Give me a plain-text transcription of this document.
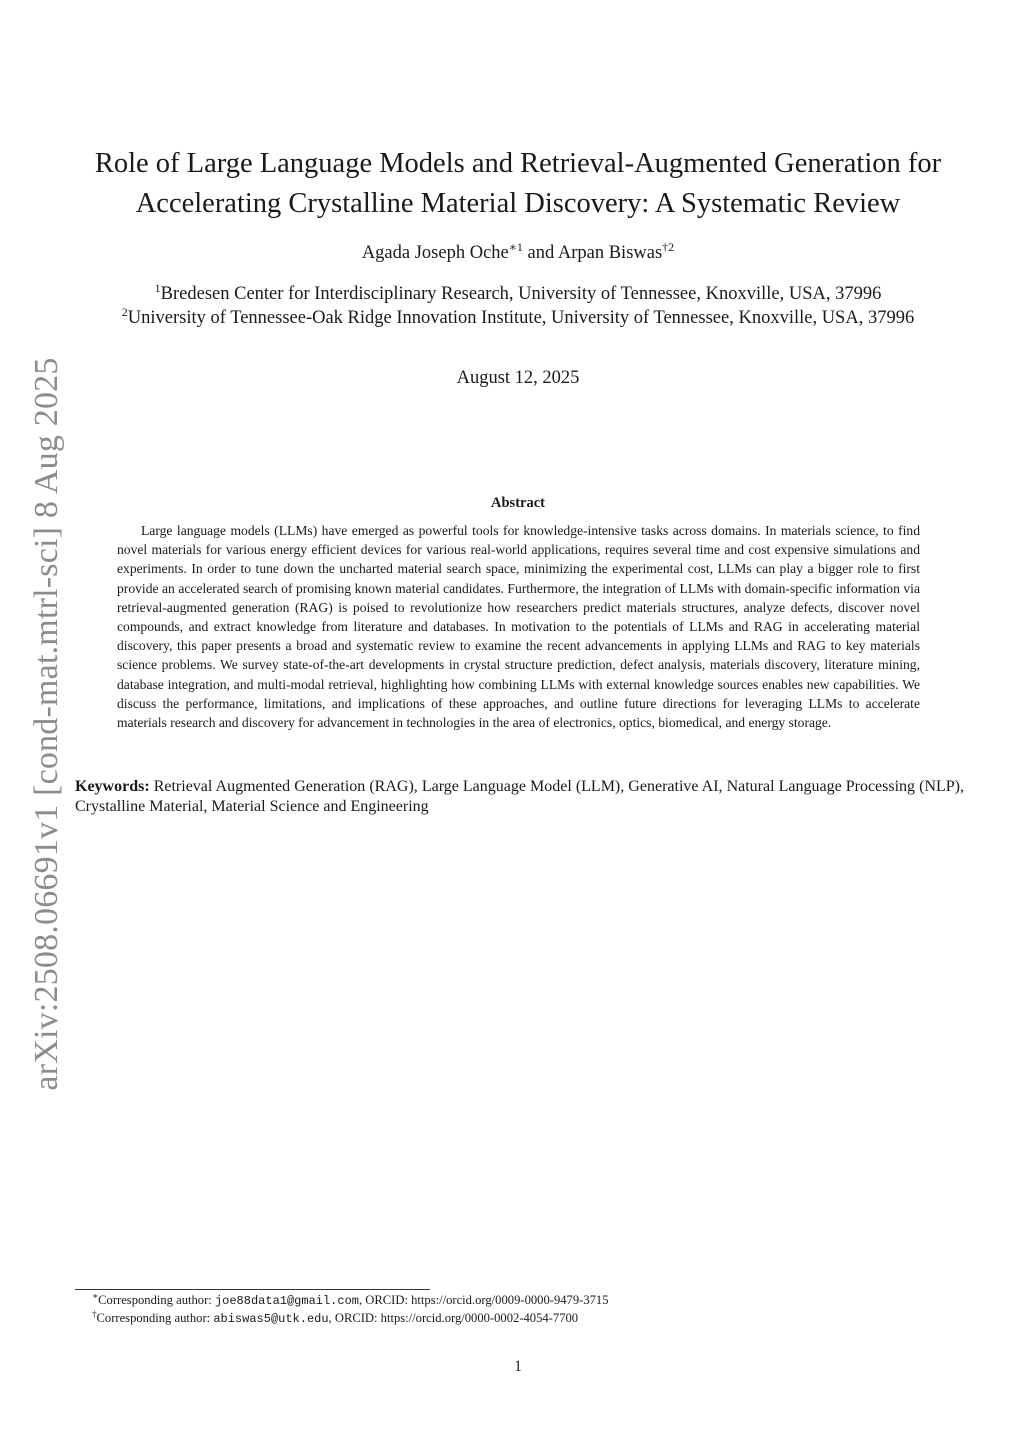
arXiv:2508.06691v1 [cond-mat.mtrl-sci] 8 Aug 2025
Role of Large Language Models and Retrieval-Augmented Generation for
Accelerating Crystalline Material Discovery: A Systematic Review
Agada Joseph Oche$^{∗1}$ and Arpan Biswas$^{\dagger 2}$
$^1$Bredesen Center for Interdisciplinary Research, University of Tennessee, Knoxville, USA, 37996
$^2$University of Tennessee-Oak Ridge Innovation Institute, University of Tennessee, Knoxville, USA, 37996
August 12, 2025
Abstract

Large language models (LLMs) have emerged as powerful tools for knowledge-intensive tasks across domains. In materials science, to find novel materials for various energy efficient devices for various real-world applications, requires several time and cost expensive simulations and experiments. In order to tune down the uncharted material search space, minimizing the experimental cost, LLMs can play a bigger role to first provide an accelerated search of promising known material candidates. Furthermore, the integration of LLMs with domain-specific information via retrieval-augmented generation (RAG) is poised to revolutionize how researchers predict materials structures, analyze defects, discover novel compounds, and extract knowledge from literature and databases. In motivation to the potentials of LLMs and RAG in accelerating material discovery, this paper presents a broad and systematic review to examine the recent advancements in applying LLMs and RAG to key materials science problems. We survey state-of-the-art developments in crystal structure prediction, defect analysis, materials discovery, literature mining, database integration, and multi-modal retrieval, highlighting how combining LLMs with external knowledge sources enables new capabilities. We discuss the performance, limitations, and implications of these approaches, and outline future directions for leveraging LLMs to accelerate materials research and discovery for advancement in technologies in the area of electronics, optics, biomedical, and energy storage.

Keywords: Retrieval Augmented Generation (RAG), Large Language Model (LLM), Generative AI, Natural Language Processing (NLP), Crystalline Material, Material Science and Engineering

∗Corresponding author: joe88data1@gmail.com, ORCID: https://orcid.org/0009-0000-9479-3715
†Corresponding author: abiswas5@utk.edu, ORCID: https://orcid.org/0000-0002-4054-7700
1
